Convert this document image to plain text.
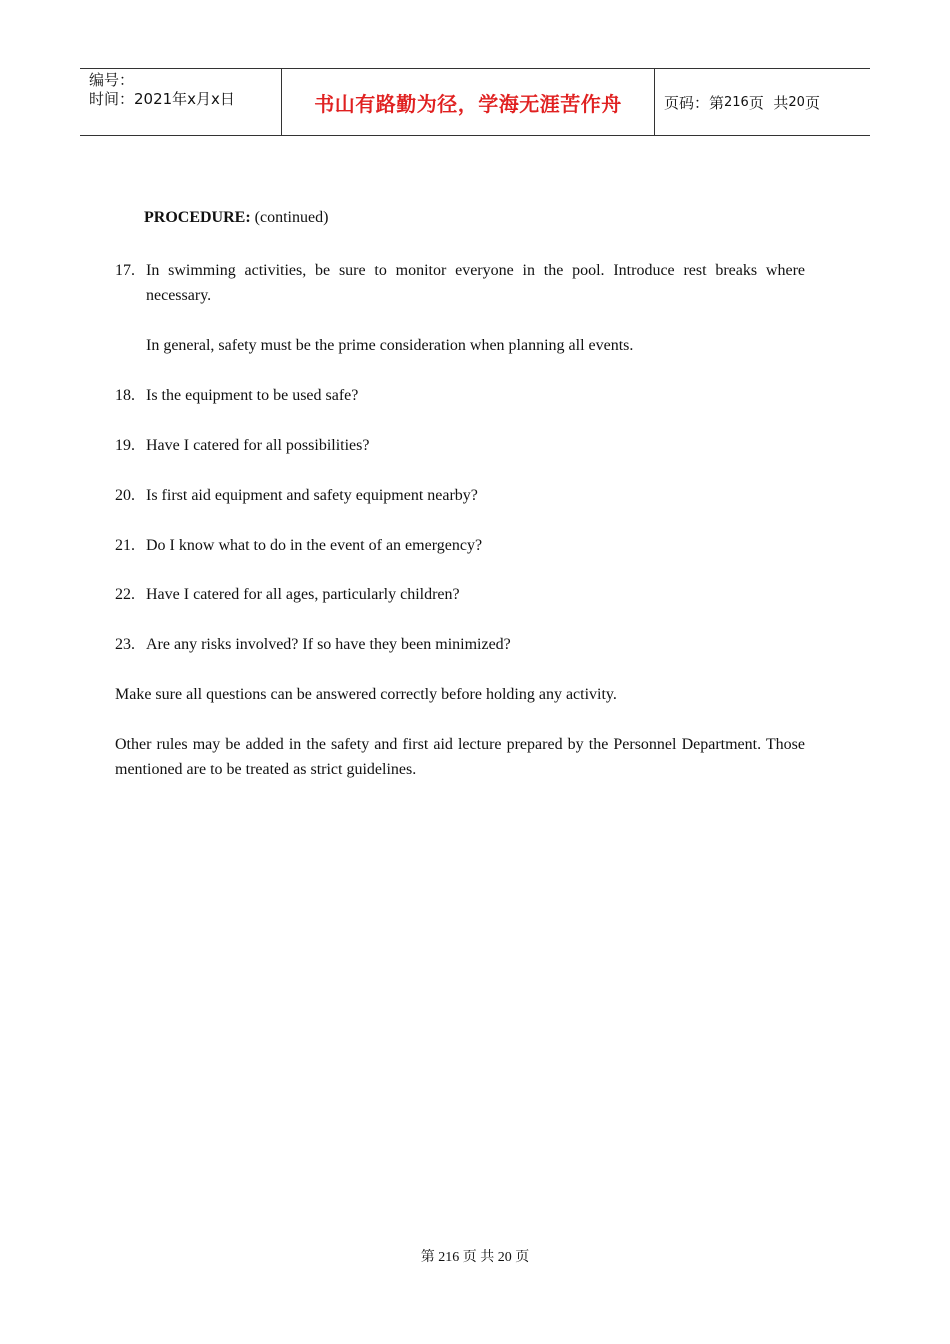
编号：
时间：2021年x月x日	书山有路勤为径，学海无涯苦作舟	页码：第 216 页  共 20 页
PROCEDURE: (continued)
17. In swimming activities, be sure to monitor everyone in the pool. Introduce rest breaks where necessary.
In general, safety must be the prime consideration when planning all events.
18. Is the equipment to be used safe?
19. Have I catered for all possibilities?
20. Is first aid equipment and safety equipment nearby?
21. Do I know what to do in the event of an emergency?
22. Have I catered for all ages, particularly children?
23. Are any risks involved? If so have they been minimized?
Make sure all questions can be answered correctly before holding any activity.
Other rules may be added in the safety and first aid lecture prepared by the Personnel Department. Those mentioned are to be treated as strict guidelines.
第 216 页 共 20 页
